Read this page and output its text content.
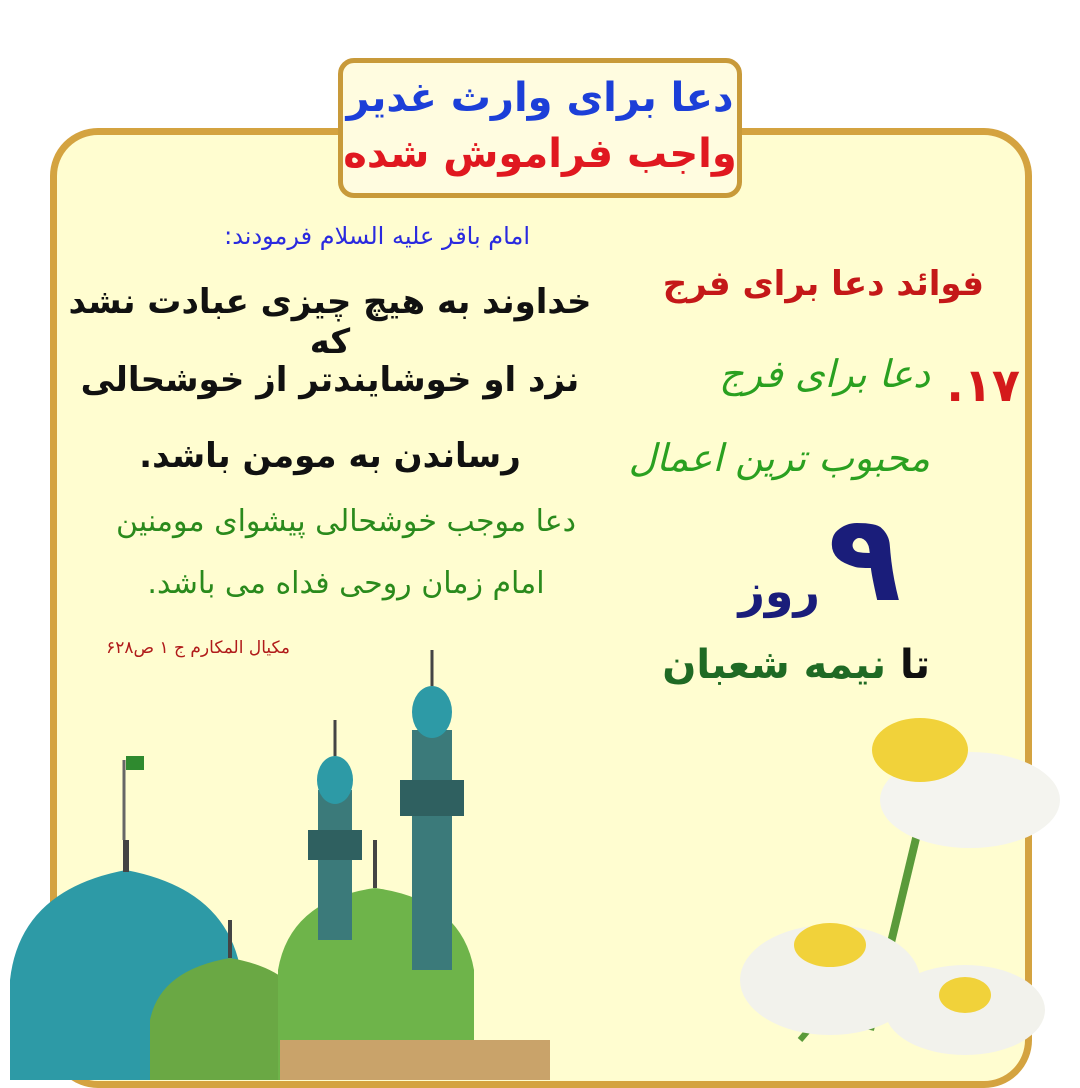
دعا برای وارث غدیر
واجب فراموش شده
امام باقر علیه السلام فرمودند:
خداوند به هیچ چیزی عبادت نشد که
نزد او خوشایندتر از خوشحالی
رساندن به مومن باشد.
دعا موجب خوشحالی پیشوای مومنین
امام زمان روحی فداه می باشد.
مکیال المکارم ج ۱ ص۶۲۸
فوائد دعا برای فرج
۱۷.
دعا برای فرج
محبوب ترین اعمال
۹
روز
تا نیمه شعبان
